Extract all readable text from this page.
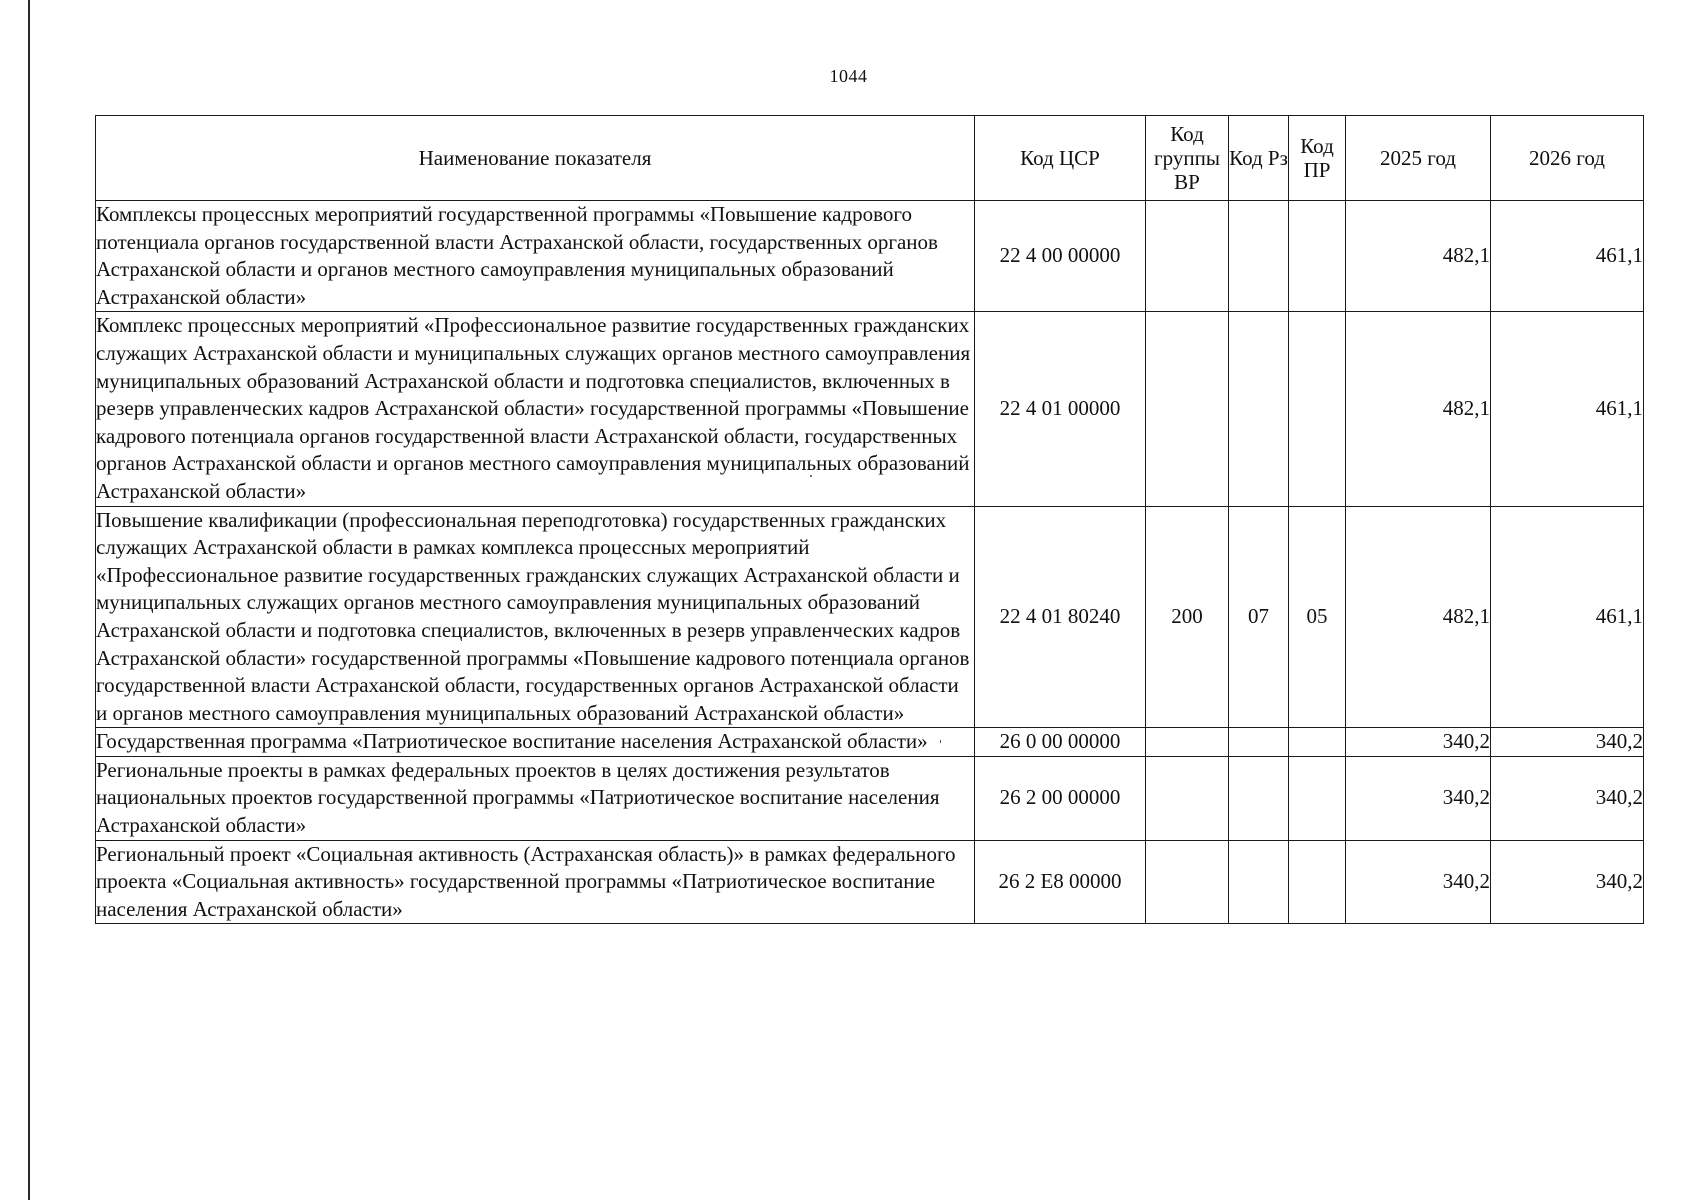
1044
Наименование показателя	Код ЦСР	Код группы ВР	Код Рз	Код ПР	2025 год	2026 год
Комплексы процессных мероприятий государственной программы «Повышение кадрового потенциала органов государственной власти Астраханской области, государственных органов Астраханской области и органов местного самоуправления муниципальных образований Астраханской области»	22 4 00 00000				482,1	461,1
Комплекс процессных мероприятий «Профессиональное развитие государственных гражданских служащих Астраханской области и муниципальных служащих органов местного самоуправления муниципальных образований Астраханской области и подготовка специалистов, включенных в резерв управленческих кадров Астраханской области» государственной программы «Повышение кадрового потенциала органов государственной власти Астраханской области, государственных органов Астраханской области и органов местного самоуправления муниципальных образований Астраханской области»	22 4 01 00000				482,1	461,1
Повышение квалификации (профессиональная переподготовка) государственных гражданских служащих Астраханской области в рамках комплекса процессных мероприятий «Профессиональное развитие государственных гражданских служащих Астраханской области и муниципальных служащих органов местного самоуправления муниципальных образований Астраханской области и подготовка специалистов, включенных в резерв управленческих кадров Астраханской области» государственной программы «Повышение кадрового потенциала органов государственной власти Астраханской области, государственных органов Астраханской области и органов местного самоуправления муниципальных образований Астраханской области»	22 4 01 80240	200	07	05	482,1	461,1
Государственная программа «Патриотическое воспитание населения Астраханской области»	26 0 00 00000				340,2	340,2
Региональные проекты в рамках федеральных проектов в целях достижения результатов национальных проектов государственной программы «Патриотическое воспитание населения Астраханской области»	26 2 00 00000				340,2	340,2
Региональный проект «Социальная активность (Астраханская область)» в рамках федерального проекта «Социальная активность» государственной программы «Патриотическое воспитание населения Астраханской области»	26 2 E8 00000				340,2	340,2
